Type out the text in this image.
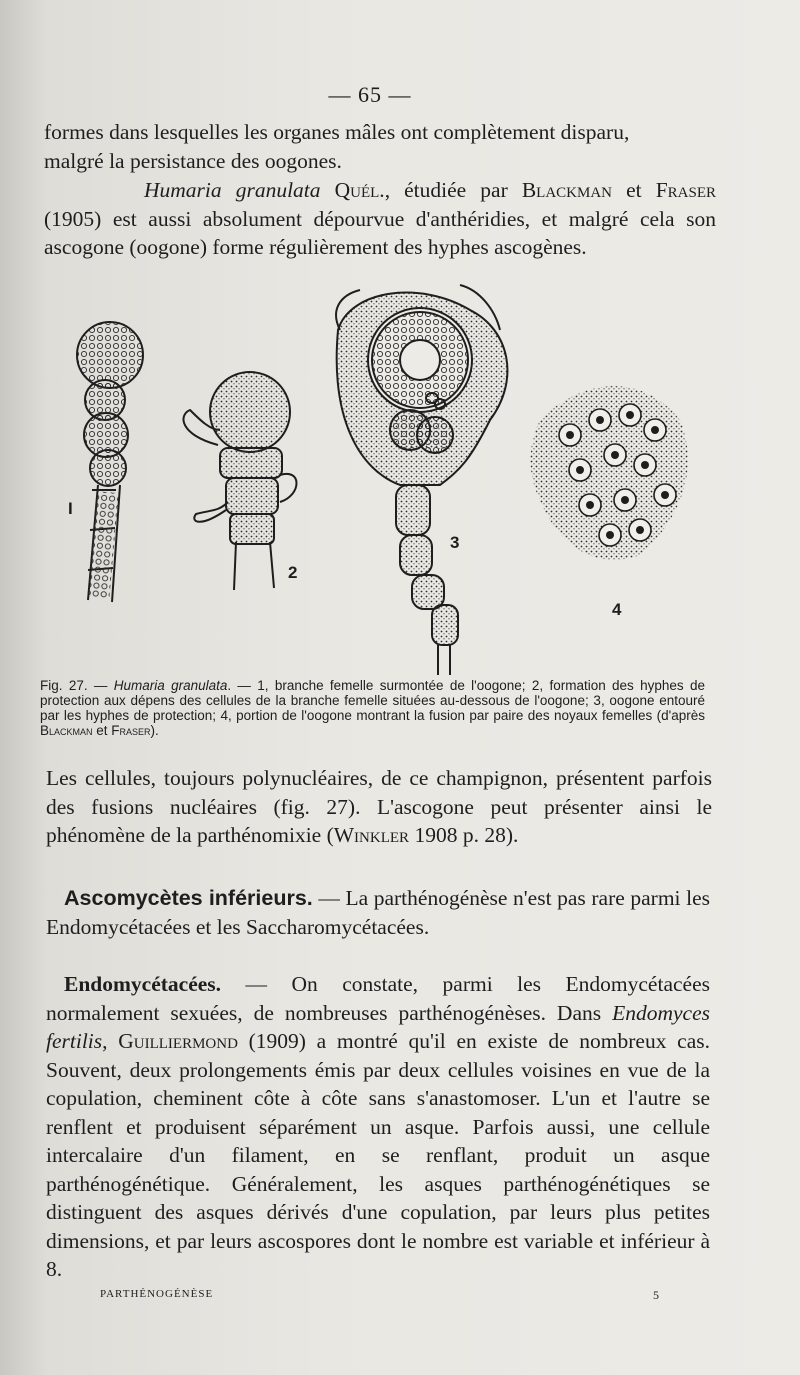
— 65 —

formes dans lesquelles les organes mâles ont complètement disparu,

malgré la persistance des oogones.

Humaria granulata Quél., étudiée par Blackman et Fraser (1905) est aussi absolument dépourvue d'anthéridies, et malgré cela son ascogone (oogone) forme régulièrement des hyphes ascogènes.

I
2
3
4
Fig. 27. — Humaria granulata. — 1, branche femelle surmontée de l'oogone; 2, formation des hyphes de protection aux dépens des cellules de la branche femelle situées au-dessous de l'oogone; 3, oogone entouré par les hyphes de protection; 4, portion de l'oogone montrant la fusion par paire des noyaux femelles (d'après Blackman et Fraser).

Les cellules, toujours polynucléaires, de ce champignon, présentent parfois des fusions nucléaires (fig. 27). L'ascogone peut présenter ainsi le phénomène de la parthénomixie (Winkler 1908 p. 28).

Ascomycètes inférieurs. — La parthénogénèse n'est pas rare parmi les Endomycétacées et les Saccharomycétacées.

Endomycétacées. — On constate, parmi les Endomycétacées normalement sexuées, de nombreuses parthénogénèses. Dans Endomyces fertilis, Guilliermond (1909) a montré qu'il en existe de nombreux cas. Souvent, deux prolongements émis par deux cellules voisines en vue de la copulation, cheminent côte à côte sans s'anastomoser. L'un et l'autre se renflent et produisent séparément un asque. Parfois aussi, une cellule intercalaire d'un filament, en se renflant, produit un asque parthénogénétique. Généralement, les asques parthénogénétiques se distinguent des asques dérivés d'une copulation, par leurs plus petites dimensions, et par leurs ascospores dont le nombre est variable et inférieur à 8.

PARTHÉNOGÉNÈSE	5
